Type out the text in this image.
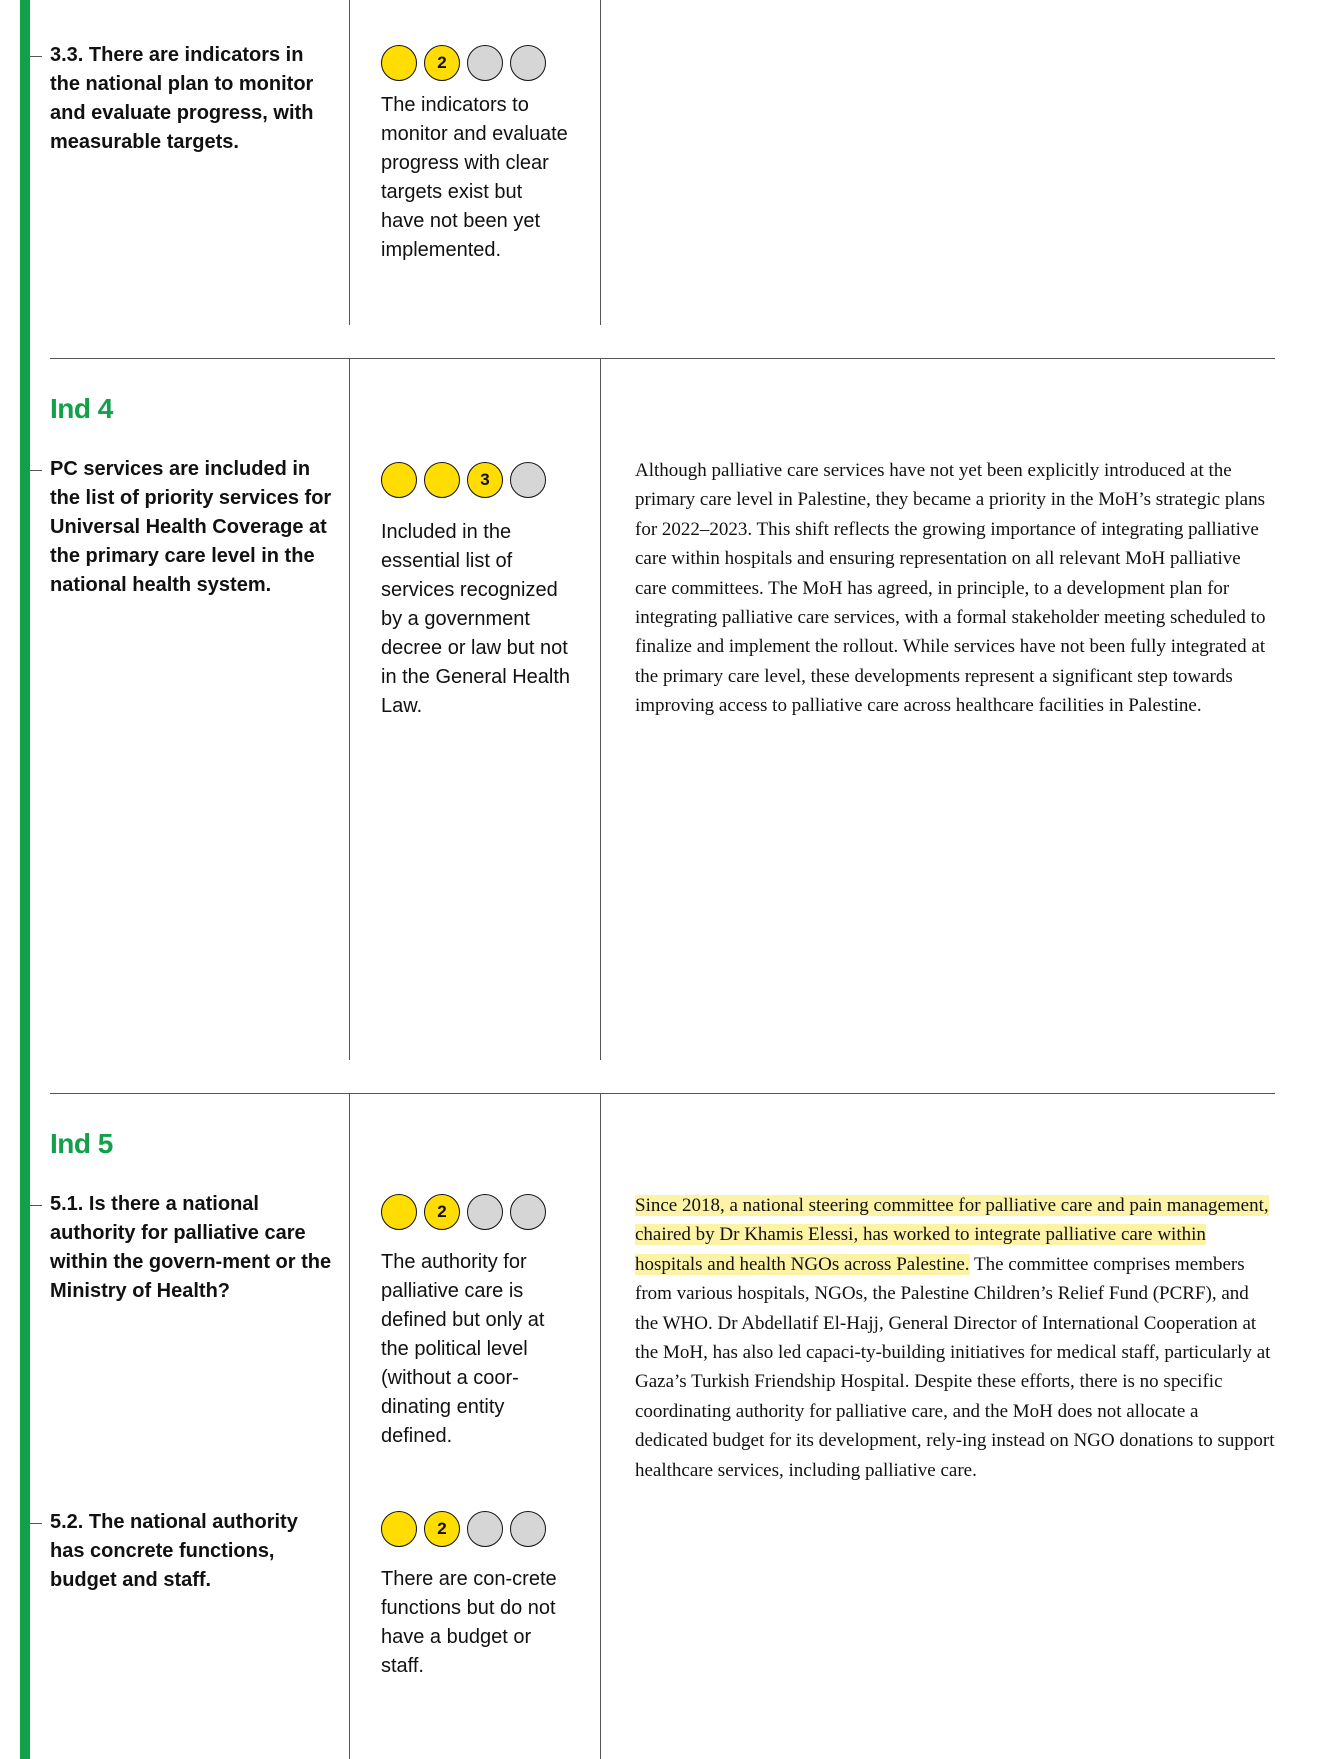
3.3. There are indicators in the national plan to monitor and evaluate progress, with measurable targets.
2
The indicators to monitor and evaluate progress with clear targets exist but have not been yet implemented.
Ind 4
PC services are included in the list of priority services for Universal Health Coverage at the primary care level in the national health system.
3
Included in the essential list of services recognized by a government decree or law but not in the General Health Law.
Although palliative care services have not yet been explicitly introduced at the primary care level in Palestine, they became a priority in the MoH’s strategic plans for 2022–2023. This shift reflects the growing importance of integrating palliative care within hospitals and ensuring representation on all relevant MoH palliative care committees. The MoH has agreed, in principle, to a development plan for integrating palliative care services, with a formal stakeholder meeting scheduled to finalize and implement the rollout. While services have not been fully integrated at the primary care level, these developments represent a significant step towards improving access to palliative care across healthcare facilities in Palestine.
Ind 5
5.1. Is there a national authority for palliative care within the govern-ment or the Ministry of Health?
2
The authority for palliative care is defined but only at the political level (without a coor-dinating entity defined.
Since 2018, a national steering committee for palliative care and pain management, chaired by Dr Khamis Elessi, has worked to integrate palliative care within hospitals and health NGOs across Palestine. The committee comprises members from various hospitals, NGOs, the Palestine Children’s Relief Fund (PCRF), and the WHO. Dr Abdellatif El-Hajj, General Director of International Cooperation at the MoH, has also led capaci-ty-building initiatives for medical staff, particularly at Gaza’s Turkish Friendship Hospital. Despite these efforts, there is no specific coordinating authority for palliative care, and the MoH does not allocate a dedicated budget for its development, rely-ing instead on NGO donations to support healthcare services, including palliative care.
5.2. The national authority has concrete functions, budget and staff.
2
There are con-crete functions but do not have a budget or staff.
